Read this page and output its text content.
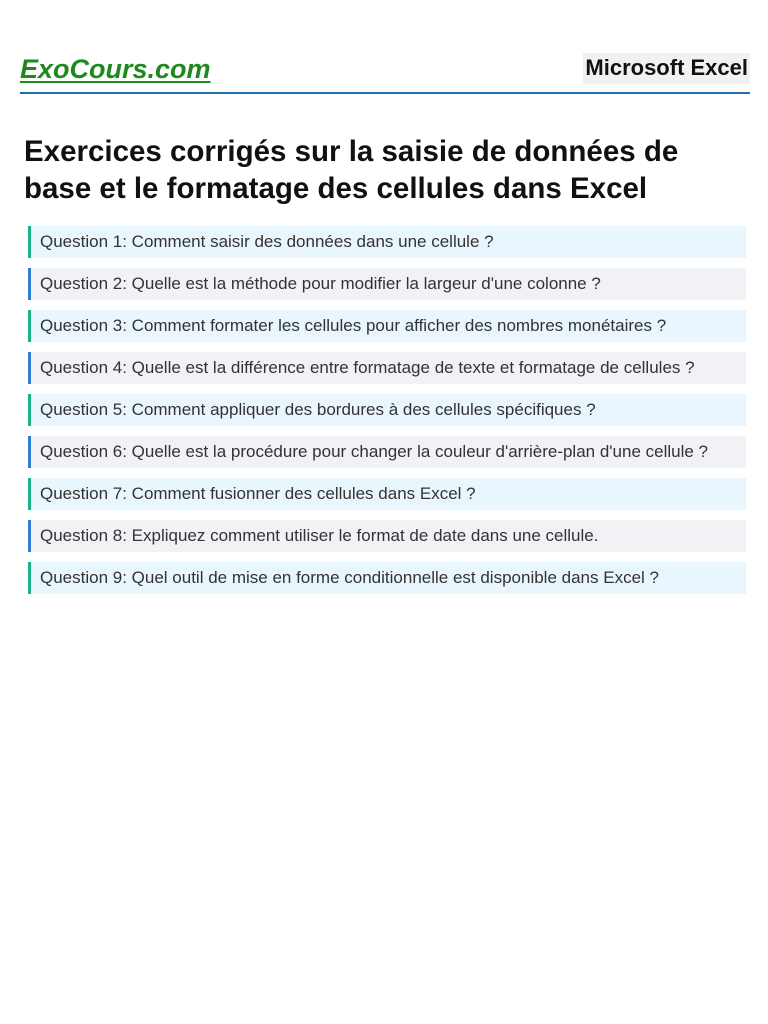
ExoCours.com	Microsoft Excel
Exercices corrigés sur la saisie de données de base et le formatage des cellules dans Excel
Question 1: Comment saisir des données dans une cellule ?
Question 2: Quelle est la méthode pour modifier la largeur d'une colonne ?
Question 3: Comment formater les cellules pour afficher des nombres monétaires ?
Question 4: Quelle est la différence entre formatage de texte et formatage de cellules ?
Question 5: Comment appliquer des bordures à des cellules spécifiques ?
Question 6: Quelle est la procédure pour changer la couleur d'arrière-plan d'une cellule ?
Question 7: Comment fusionner des cellules dans Excel ?
Question 8: Expliquez comment utiliser le format de date dans une cellule.
Question 9: Quel outil de mise en forme conditionnelle est disponible dans Excel ?
